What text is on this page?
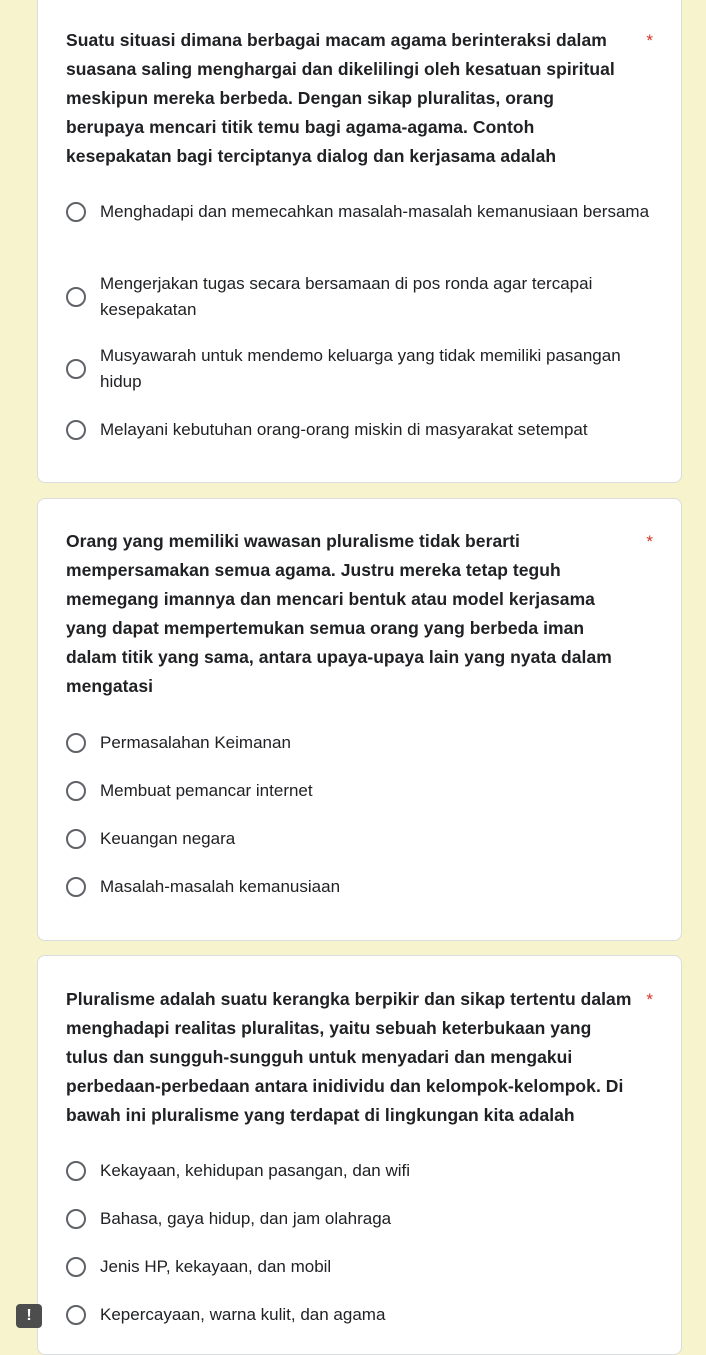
Suatu situasi dimana berbagai macam agama berinteraksi dalam suasana saling menghargai dan dikelilingi oleh kesatuan spiritual meskipun mereka berbeda. Dengan sikap pluralitas, orang berupaya mencari titik temu bagi agama-agama. Contoh kesepakatan bagi terciptanya dialog dan kerjasama adalah
*
Menghadapi dan memecahkan masalah-masalah kemanusiaan bersama
Mengerjakan tugas secara bersamaan di pos ronda agar tercapai kesepakatan
Musyawarah untuk mendemo keluarga yang tidak memiliki pasangan hidup
Melayani kebutuhan orang-orang miskin di masyarakat setempat
Orang yang memiliki wawasan pluralisme tidak berarti mempersamakan semua agama. Justru mereka tetap teguh memegang imannya dan mencari bentuk atau model kerjasama yang dapat mempertemukan semua orang yang berbeda iman dalam titik yang sama, antara upaya-upaya lain yang nyata dalam mengatasi
*
Permasalahan Keimanan
Membuat pemancar internet
Keuangan negara
Masalah-masalah kemanusiaan
Pluralisme adalah suatu kerangka berpikir dan sikap tertentu dalam menghadapi realitas pluralitas, yaitu sebuah keterbukaan yang tulus dan sungguh-sungguh untuk menyadari dan mengakui perbedaan-perbedaan antara inidividu dan kelompok-kelompok. Di bawah ini pluralisme yang terdapat di lingkungan kita adalah
*
Kekayaan, kehidupan pasangan, dan wifi
Bahasa, gaya hidup, dan jam olahraga
Jenis HP, kekayaan, dan mobil
Kepercayaan, warna kulit, dan agama
!
